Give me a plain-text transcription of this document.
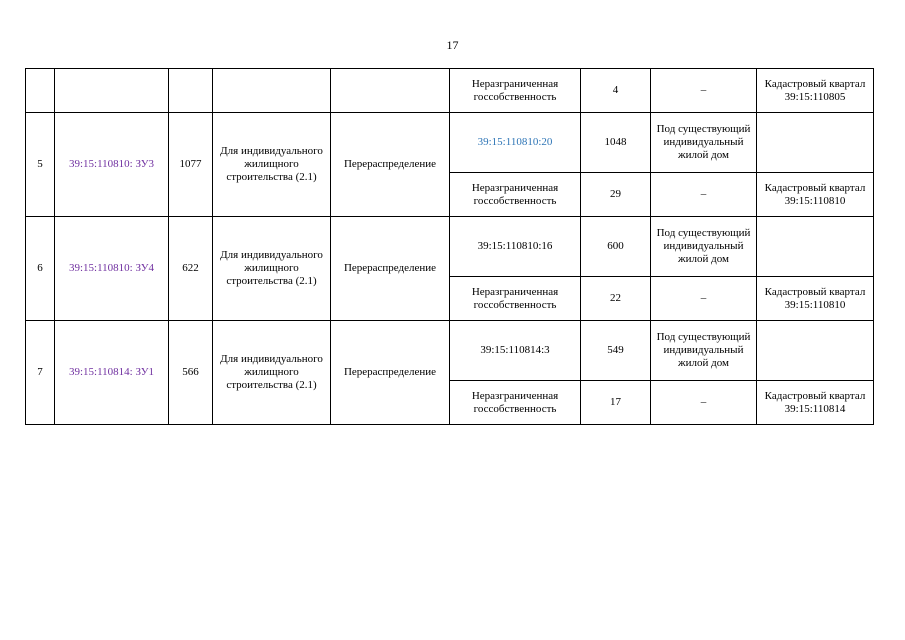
17
					Неразграниченная госсобственность	4	–	Кадастровый квартал 39:15:110805
5	39:15:110810: ЗУ3	1077	Для индивидуального жилищного строительства (2.1)	Перераспределение	39:15:110810:20	1048	Под существующий индивидуальный жилой дом	
					Неразграниченная госсобственность	29	–	Кадастровый квартал 39:15:110810
6	39:15:110810: ЗУ4	622	Для индивидуального жилищного строительства (2.1)	Перераспределение	39:15:110810:16	600	Под существующий индивидуальный жилой дом	
					Неразграниченная госсобственность	22	–	Кадастровый квартал 39:15:110810
7	39:15:110814: ЗУ1	566	Для индивидуального жилищного строительства (2.1)	Перераспределение	39:15:110814:3	549	Под существующий индивидуальный жилой дом	
					Неразграниченная госсобственность	17	–	Кадастровый квартал 39:15:110814
